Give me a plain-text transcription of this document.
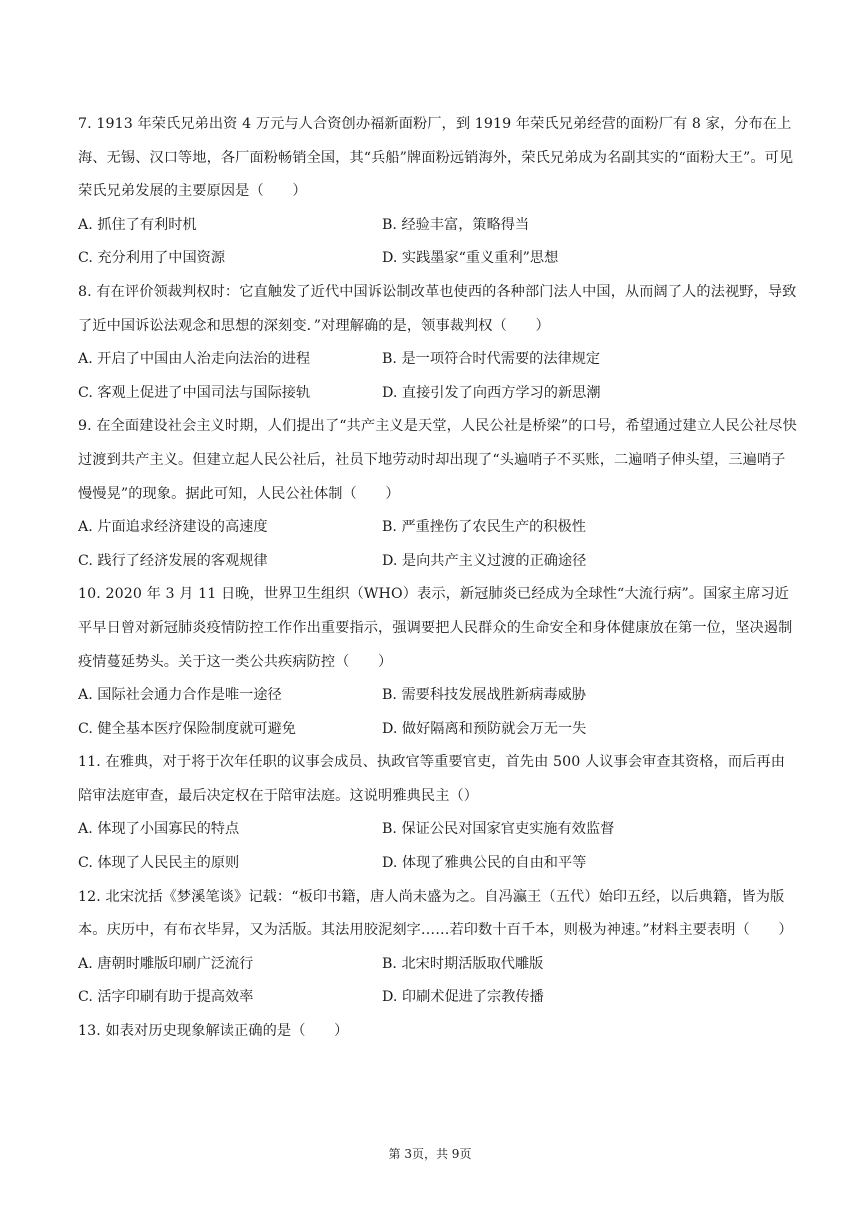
7. 1913 年荣氏兄弟出资 4 万元与人合资创办福新面粉厂，到 1919 年荣氏兄弟经营的面粉厂有 8 家，分布在上海、无锡、汉口等地，各厂面粉畅销全国，其“兵船”牌面粉远销海外，荣氏兄弟成为名副其实的“面粉大王”。可见荣氏兄弟发展的主要原因是（　　）

A. 抓住了有利时机	B. 经验丰富，策略得当
C. 充分利用了中国资源	D. 实践墨家“重义重利”思想

8. 有在评价领裁判权时：它直触发了近代中国诉讼制改革也使西的各种部门法人中国，从而阔了人的法视野，导致了近中国诉讼法观念和思想的深刻变．”对理解确的是，领事裁判权（　　）

A. 开启了中国由人治走向法治的进程	B. 是一项符合时代需要的法律规定
C. 客观上促进了中国司法与国际接轨	D. 直接引发了向西方学习的新思潮

9. 在全面建设社会主义时期，人们提出了“共产主义是天堂，人民公社是桥梁”的口号，希望通过建立人民公社尽快过渡到共产主义。但建立起人民公社后，社员下地劳动时却出现了“头遍哨子不买账，二遍哨子伸头望，三遍哨子慢慢晃”的现象。据此可知，人民公社体制（　　）

A. 片面追求经济建设的高速度	B. 严重挫伤了农民生产的积极性
C. 践行了经济发展的客观规律	D. 是向共产主义过渡的正确途径

10. 2020 年 3 月 11 日晚，世界卫生组织（WHO）表示，新冠肺炎已经成为全球性“大流行病”。国家主席习近平早日曾对新冠肺炎疫情防控工作作出重要指示，强调要把人民群众的生命安全和身体健康放在第一位，坚决遏制疫情蔓延势头。关于这一类公共疾病防控（　　）

A. 国际社会通力合作是唯一途径	B. 需要科技发展战胜新病毒威胁
C. 健全基本医疗保险制度就可避免	D. 做好隔离和预防就会万无一失

11. 在雅典，对于将于次年任职的议事会成员、执政官等重要官吏，首先由 500 人议事会审查其资格，而后再由陪审法庭审查，最后决定权在于陪审法庭。这说明雅典民主（）

A. 体现了小国寡民的特点	B. 保证公民对国家官吏实施有效监督
C. 体现了人民民主的原则	D. 体现了雅典公民的自由和平等

12. 北宋沈括《梦溪笔谈》记载：“板印书籍，唐人尚未盛为之。自冯瀛王（五代）始印五经，以后典籍，皆为版本。庆历中，有布衣毕昇，又为活版。其法用胶泥刻字……若印数十百千本，则极为神速。”材料主要表明（　　）

A. 唐朝时雕版印刷广泛流行	B. 北宋时期活版取代雕版
C. 活字印刷有助于提高效率	D. 印刷术促进了宗教传播

13. 如表对历史现象解读正确的是（　　）

第 3页，共 9页
